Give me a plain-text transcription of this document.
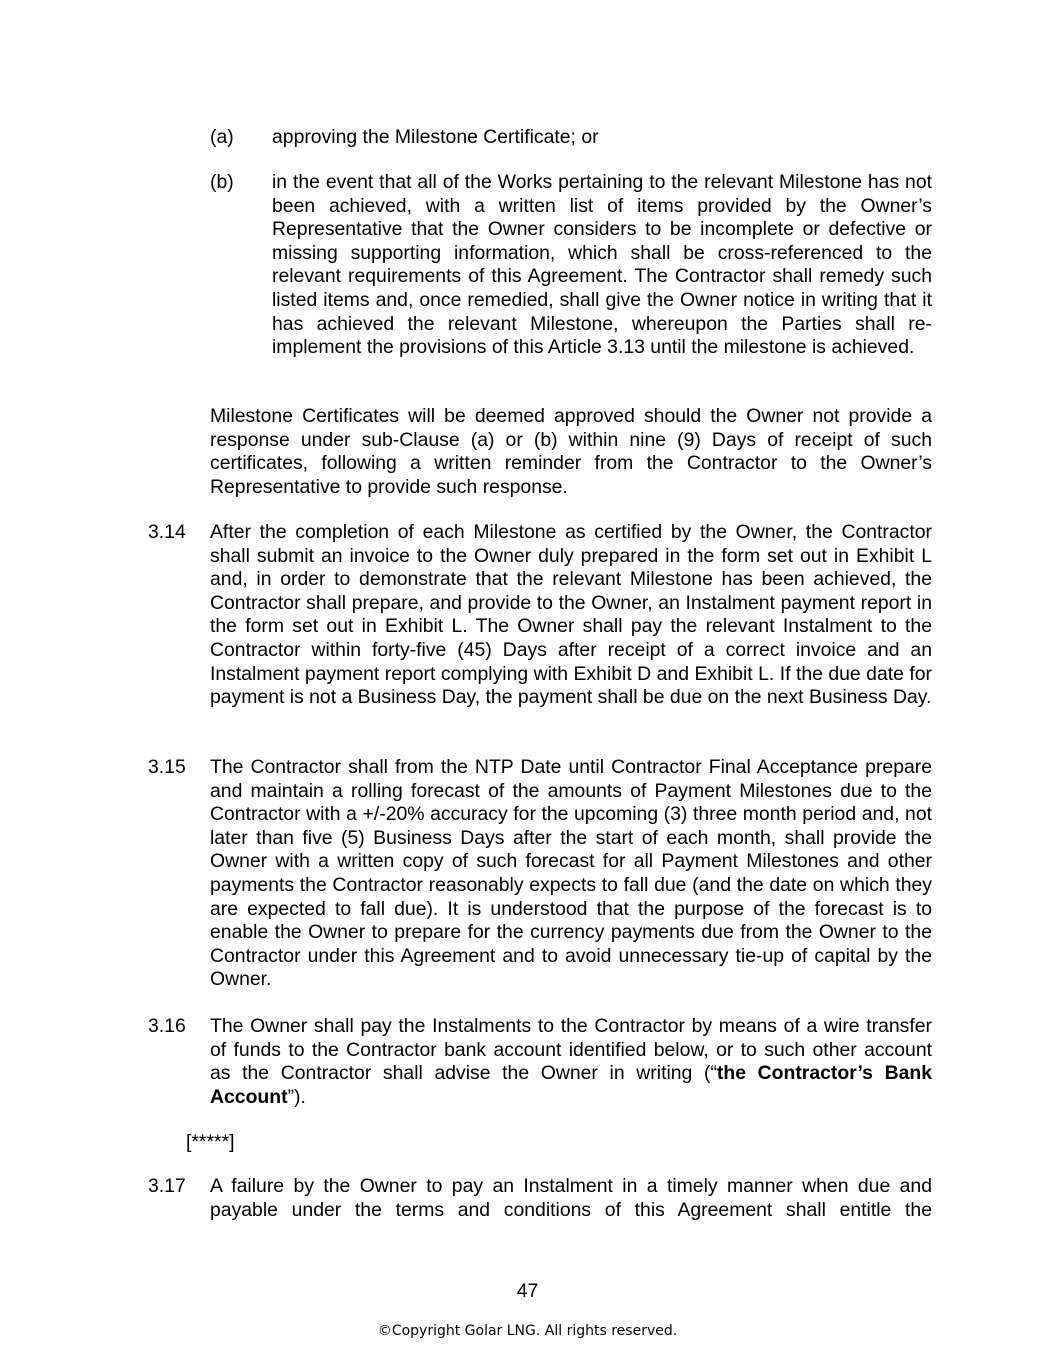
(a) approving the Milestone Certificate; or
(b) in the event that all of the Works pertaining to the relevant Milestone has not been achieved, with a written list of items provided by the Owner’s Representative that the Owner considers to be incomplete or defective or missing supporting information, which shall be cross-referenced to the relevant requirements of this Agreement. The Contractor shall remedy such listed items and, once remedied, shall give the Owner notice in writing that it has achieved the relevant Milestone, whereupon the Parties shall re-implement the provisions of this Article 3.13 until the milestone is achieved.
Milestone Certificates will be deemed approved should the Owner not provide a response under sub-Clause (a) or (b) within nine (9) Days of receipt of such certificates, following a written reminder from the Contractor to the Owner’s Representative to provide such response.
3.14 After the completion of each Milestone as certified by the Owner, the Contractor shall submit an invoice to the Owner duly prepared in the form set out in Exhibit L and, in order to demonstrate that the relevant Milestone has been achieved, the Contractor shall prepare, and provide to the Owner, an Instalment payment report in the form set out in Exhibit L. The Owner shall pay the relevant Instalment to the Contractor within forty-five (45) Days after receipt of a correct invoice and an Instalment payment report complying with Exhibit D and Exhibit L. If the due date for payment is not a Business Day, the payment shall be due on the next Business Day.
3.15 The Contractor shall from the NTP Date until Contractor Final Acceptance prepare and maintain a rolling forecast of the amounts of Payment Milestones due to the Contractor with a +/-20% accuracy for the upcoming (3) three month period and, not later than five (5) Business Days after the start of each month, shall provide the Owner with a written copy of such forecast for all Payment Milestones and other payments the Contractor reasonably expects to fall due (and the date on which they are expected to fall due). It is understood that the purpose of the forecast is to enable the Owner to prepare for the currency payments due from the Owner to the Contractor under this Agreement and to avoid unnecessary tie-up of capital by the Owner.
3.16 The Owner shall pay the Instalments to the Contractor by means of a wire transfer of funds to the Contractor bank account identified below, or to such other account as the Contractor shall advise the Owner in writing (“the Contractor’s Bank Account”).
[*****]
3.17 A failure by the Owner to pay an Instalment in a timely manner when due and payable under the terms and conditions of this Agreement shall entitle the
47
©Copyright Golar LNG. All rights reserved.
